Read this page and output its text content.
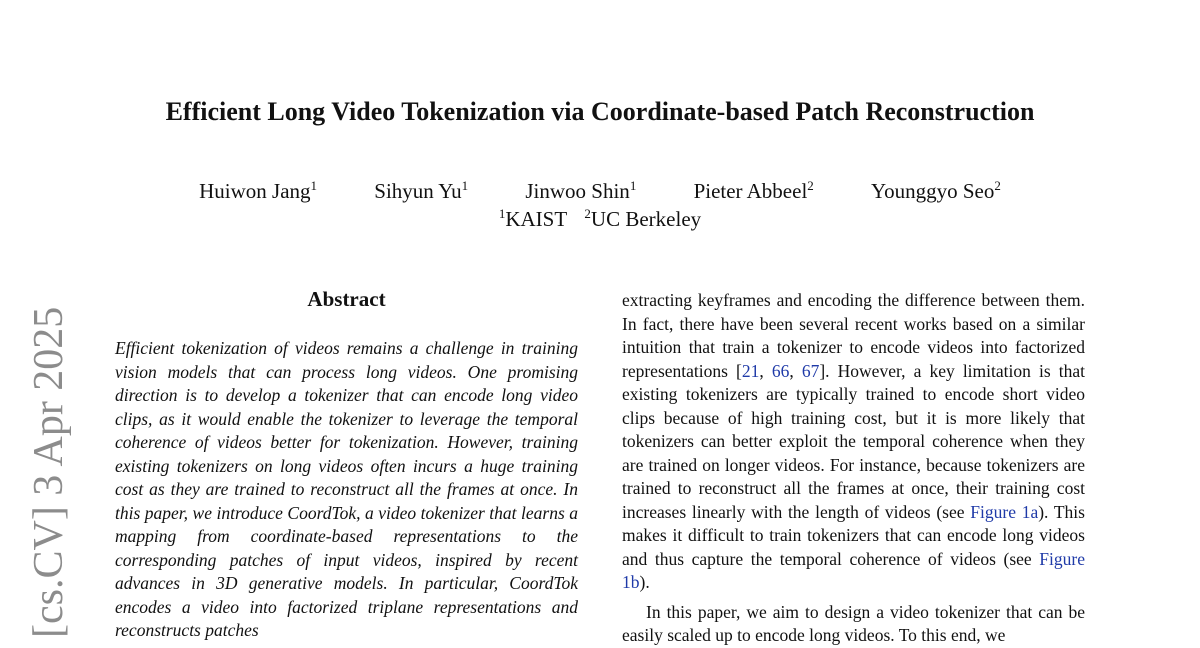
Efficient Long Video Tokenization via Coordinate-based Patch Reconstruction
Huiwon Jang$^1$	Sihyun Yu$^1$	Jinwoo Shin$^1$	Pieter Abbeel$^2$	Younggyo Seo$^2$
$^1$KAIST $^2$UC Berkeley
[cs.CV] 3 Apr 2025
Abstract
Efficient tokenization of videos remains a challenge in training vision models that can process long videos. One promising direction is to develop a tokenizer that can encode long video clips, as it would enable the tokenizer to leverage the temporal coherence of videos better for tokenization. However, training existing tokenizers on long videos often incurs a huge training cost as they are trained to reconstruct all the frames at once. In this paper, we introduce CoordTok, a video tokenizer that learns a mapping from coordinate-based representations to the corresponding patches of input videos, inspired by recent advances in 3D generative models. In particular, CoordTok encodes a video into factorized triplane representations and reconstructs patches

extracting keyframes and encoding the difference between them. In fact, there have been several recent works based on a similar intuition that train a tokenizer to encode videos into factorized representations [21, 66, 67]. However, a key limitation is that existing tokenizers are typically trained to encode short video clips because of high training cost, but it is more likely that tokenizers can better exploit the temporal coherence when they are trained on longer videos. For instance, because tokenizers are trained to reconstruct all the frames at once, their training cost increases linearly with the length of videos (see Figure 1a). This makes it difficult to train tokenizers that can encode long videos and thus capture the temporal coherence of videos (see Figure 1b).

In this paper, we aim to design a video tokenizer that can be easily scaled up to encode long videos. To this end, we
